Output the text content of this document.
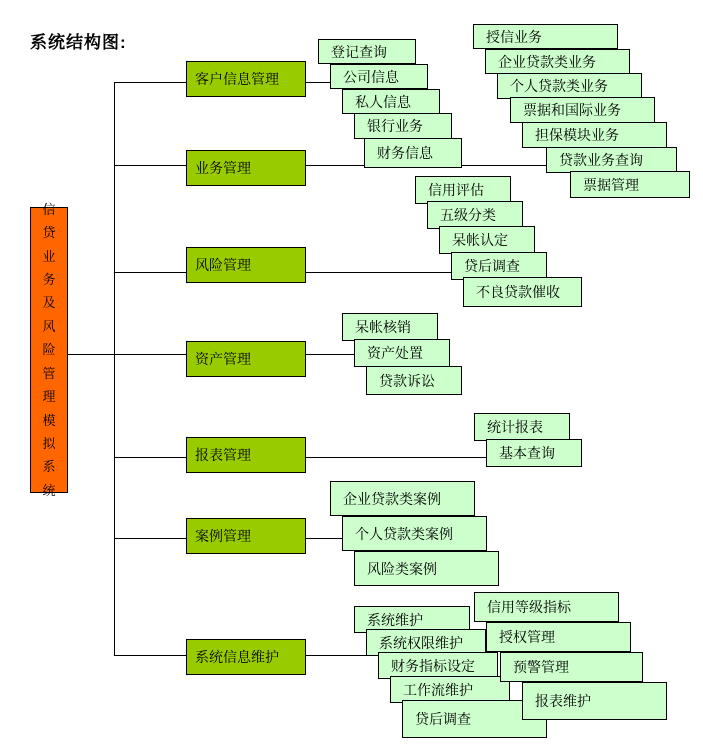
系统结构图:
信贷业务及风险管理模拟系统
登记查询
公司信息
私人信息
银行业务
财务信息
授信业务
企业贷款类业务
个人贷款类业务
票据和国际业务
担保模块业务
贷款业务查询
票据管理
信用评估
五级分类
呆帐认定
贷后调查
不良贷款催收
呆帐核销
资产处置
贷款诉讼
统计报表
基本查询
企业贷款类案例
个人贷款类案例
风险类案例
系统维护
系统权限维护
财务指标设定
工作流维护
贷后调查
信用等级指标
授权管理
预警管理
报表维护
客户信息管理
业务管理
风险管理
资产管理
报表管理
案例管理
系统信息维护
